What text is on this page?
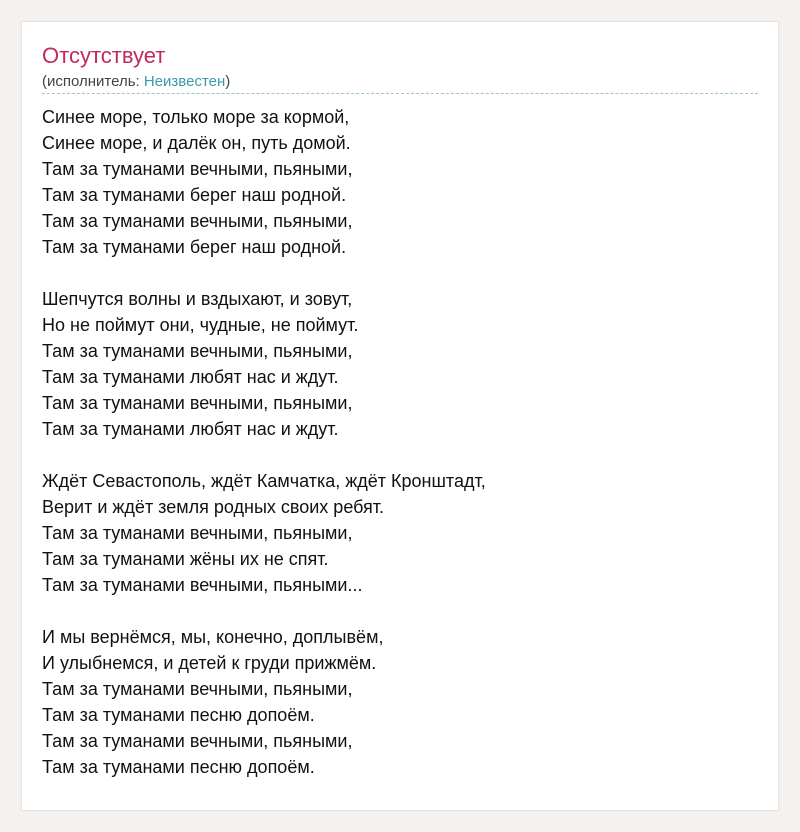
Отсутствует
(исполнитель: Неизвестен)
Синее море, только море за кормой,
Синее море, и далёк он, путь домой.
Там за туманами вечными, пьяными,
Там за туманами берег наш родной.
Там за туманами вечными, пьяными,
Там за туманами берег наш родной.
Шепчутся волны и вздыхают, и зовут,
Но не поймут они, чудные, не поймут.
Там за туманами вечными, пьяными,
Там за туманами любят нас и ждут.
Там за туманами вечными, пьяными,
Там за туманами любят нас и ждут.
Ждёт Севастополь, ждёт Камчатка, ждёт Кронштадт,
Верит и ждёт земля родных своих ребят.
Там за туманами вечными, пьяными,
Там за туманами жёны их не спят.
Там за туманами вечными, пьяными...
И мы вернёмся, мы, конечно, доплывём,
И улыбнемся, и детей к груди прижмём.
Там за туманами вечными, пьяными,
Там за туманами песню допоём.
Там за туманами вечными, пьяными,
Там за туманами песню допоём.
